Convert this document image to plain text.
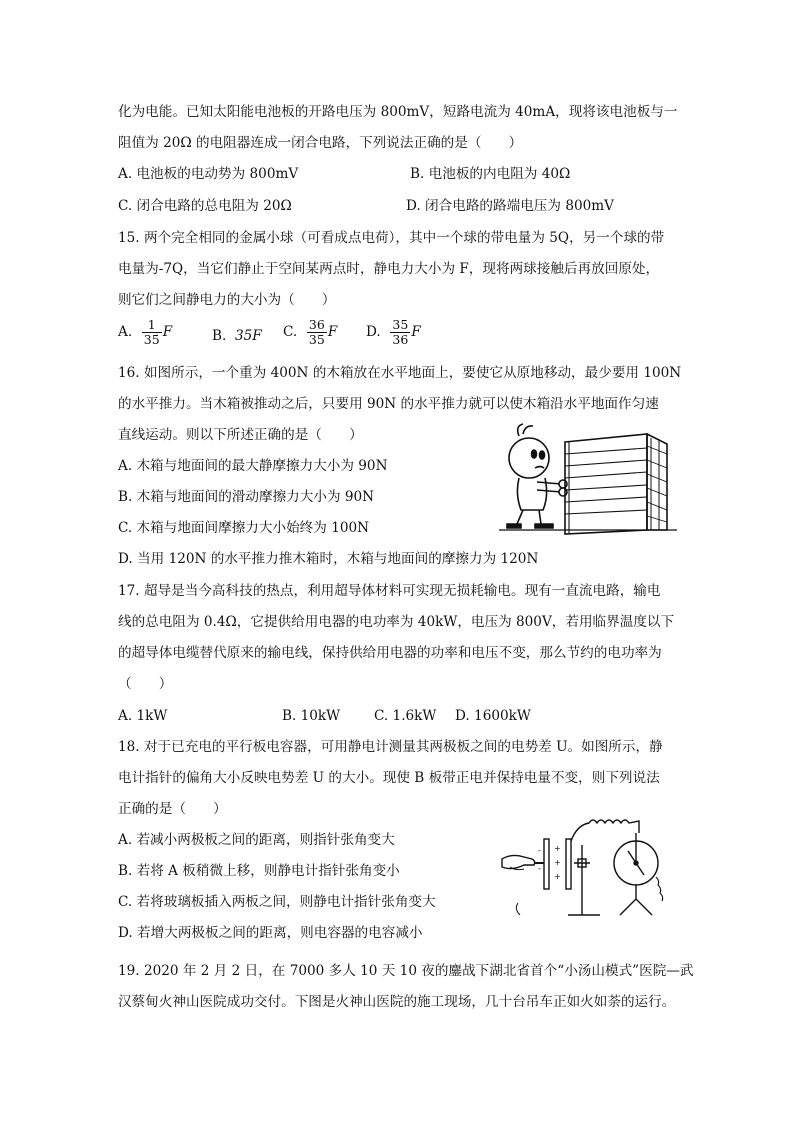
化为电能。已知太阳能电池板的开路电压为 800mV，短路电流为 40mA，现将该电池板与一
阻值为 20Ω 的电阻器连成一闭合电路，下列说法正确的是（　　）
A. 电池板的电动势为 800mV	B. 电池板的内电阻为 40Ω
C. 闭合电路的总电阻为 20Ω	D. 闭合电路的路端电压为 800mV
15. 两个完全相同的金属小球（可看成点电荷），其中一个球的带电量为 5Q，另一个球的带
电量为-7Q，当它们静止于空间某两点时，静电力大小为 F，现将两球接触后再放回原处，
则它们之间静电力的大小为（　　）
A. $\frac{1}{35}$ F	B. 35F C. $\frac{36}{35}$ F D. $\frac{35}{36}$ F
16. 如图所示，一个重为 400N 的木箱放在水平地面上，要使它从原地移动，最少要用 100N
的水平推力。当木箱被推动之后，只要用 90N 的水平推力就可以使木箱沿水平地面作匀速
直线运动。则以下所述正确的是（　　）
A. 木箱与地面间的最大静摩擦力大小为 90N
B. 木箱与地面间的滑动摩擦力大小为 90N
C. 木箱与地面间摩擦力大小始终为 100N
D. 当用 120N 的水平推力推木箱时，木箱与地面间的摩擦力为 120N
17. 超导是当今高科技的热点，利用超导体材料可实现无损耗输电。现有一直流电路，输电
线的总电阻为 0.4Ω，它提供给用电器的电功率为 40kW，电压为 800V，若用临界温度以下
的超导体电缆替代原来的输电线，保持供给用电器的功率和电压不变，那么节约的电功率为
（　　）
A. 1kW	B. 10kW C. 1.6kW D. 1600kW
18. 对于已充电的平行板电容器，可用静电计测量其两极板之间的电势差 U。如图所示，静
电计指针的偏角大小反映电势差 U 的大小。现使 B 板带正电并保持电量不变，则下列说法
正确的是（　　）
A. 若减小两极板之间的距离，则指针张角变大
B. 若将 A 板稍微上移，则静电计指针张角变小
C. 若将玻璃板插入两板之间，则静电计指针张角变大
D. 若增大两极板之间的距离，则电容器的电容减小
+
+
+
-
-
19. 2020 年 2 月 2 日，在 7000 多人 10 天 10 夜的鏖战下湖北省首个“小汤山模式”医院—武
汉蔡甸火神山医院成功交付。下图是火神山医院的施工现场，几十台吊车正如火如荼的运行。
